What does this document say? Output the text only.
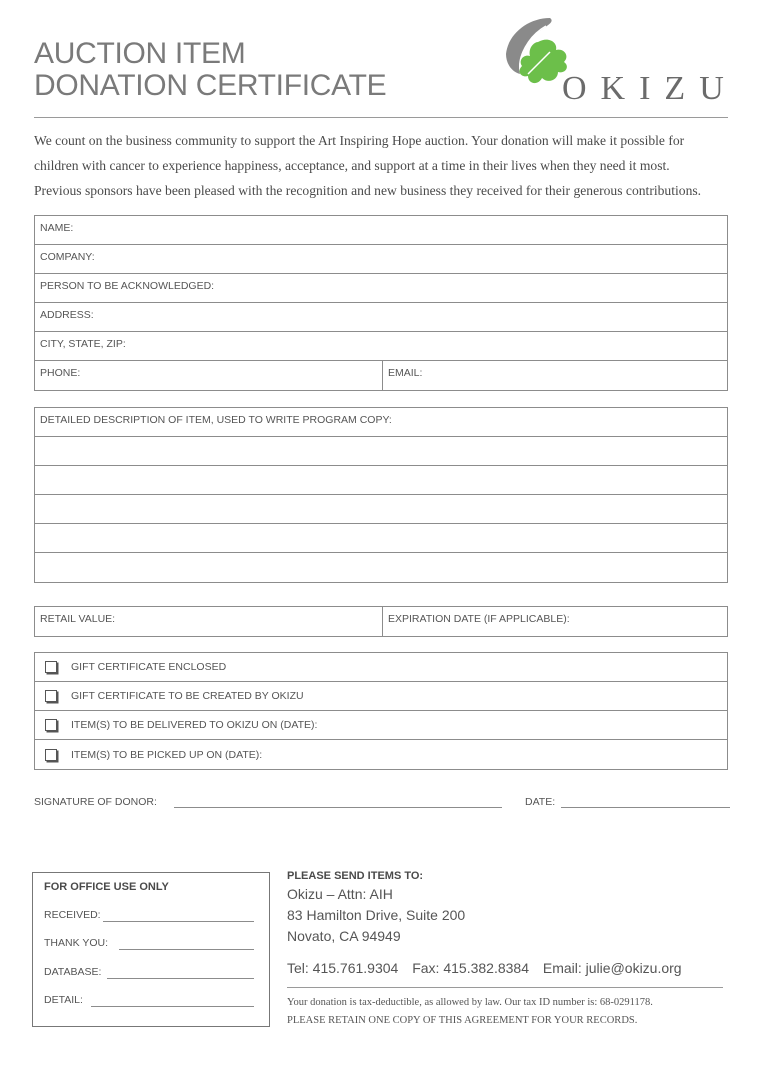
AUCTION ITEM
DONATION CERTIFICATE	OKIZU

We count on the business community to support the Art Inspiring Hope auction. Your donation will make it possible for

children with cancer to experience happiness, acceptance, and support at a time in their lives when they need it most.

Previous sponsors have been pleased with the recognition and new business they received for their generous contributions.

NAME:
COMPANY:
PERSON TO BE ACKNOWLEDGED:
ADDRESS:
CITY, STATE, ZIP:
PHONE:	EMAIL:
DETAILED DESCRIPTION OF ITEM, USED TO WRITE PROGRAM COPY:
RETAIL VALUE:	EXPIRATION DATE (IF APPLICABLE):
GIFT CERTIFICATE ENCLOSED
GIFT CERTIFICATE TO BE CREATED BY OKIZU
ITEM(S) TO BE DELIVERED TO OKIZU ON (DATE):
ITEM(S) TO BE PICKED UP ON (DATE):
SIGNATURE OF DONOR:	DATE:
FOR OFFICE USE ONLY
RECEIVED:
THANK YOU:
DATABASE:
DETAIL:
PLEASE SEND ITEMS TO:
Okizu – Attn: AIH
83 Hamilton Drive, Suite 200
Novato, CA 94949
Tel: 415.761.9304 Fax: 415.382.8384 Email: julie@okizu.org
Your donation is tax-deductible, as allowed by law. Our tax ID number is: 68-0291178.
PLEASE RETAIN ONE COPY OF THIS AGREEMENT FOR YOUR RECORDS.
